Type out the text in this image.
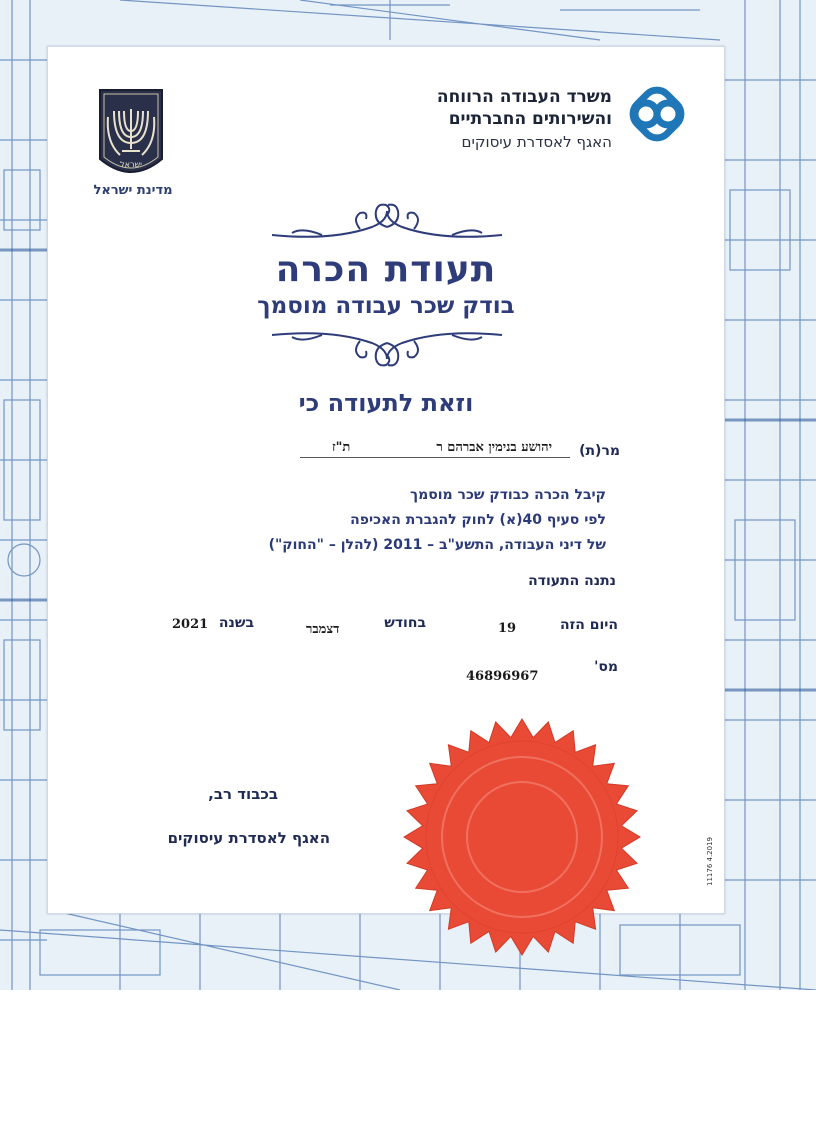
ישראל
מדינת ישראל
משרד העבודה הרווחה
והשירותים החברתיים
האגף לאסדרת עיסוקים
תעודת הכרה
בודק שכר עבודה מוסמך
וזאת לתעודה כי
מר(ת)
יהושע בנימין אברהם ר
ת"ז
קיבל הכרה כבודק שכר מוסמך
לפי סעיף 40(א) לחוק להגברת האכיפה
של דיני העבודה, התשע"ב – 2011 (להלן – "החוק")
נתנה התעודה
היום הזה
19
בחודש
דצמבר
בשנה
2021
מס'
46896967
בכבוד רב,
האגף לאסדרת עיסוקים	11176 4.2019
